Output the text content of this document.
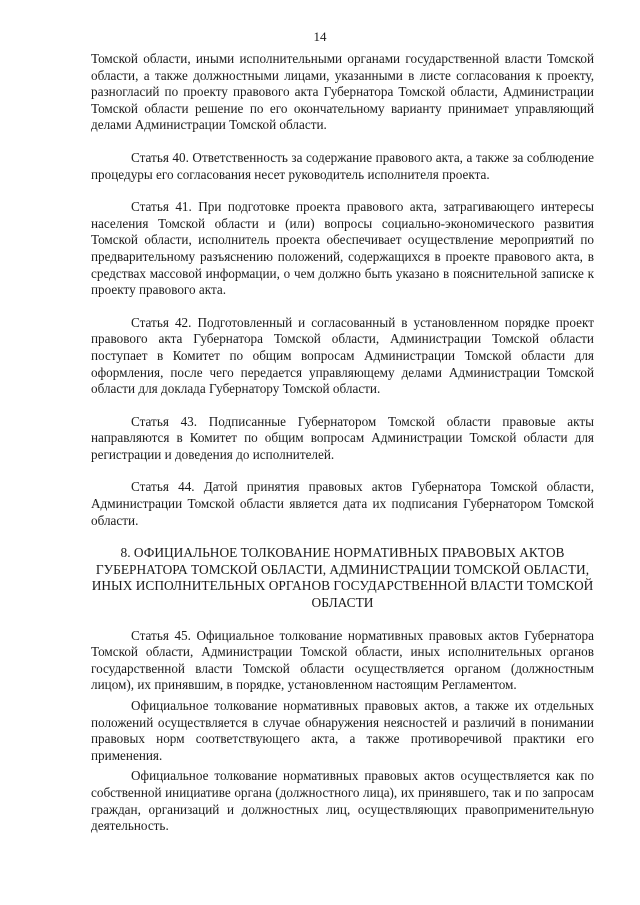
14

Томской области, иными исполнительными органами государственной власти Томской области, а также должностными лицами, указанными в листе согласования к проекту, разногласий по проекту правового акта Губернатора Томской области, Администрации Томской области решение по его окончательному варианту принимает управляющий делами Администрации Томской области.

Статья 40. Ответственность за содержание правового акта, а также за соблюдение процедуры его согласования несет руководитель исполнителя проекта.

Статья 41. При подготовке проекта правового акта, затрагивающего интересы населения Томской области и (или) вопросы социально-экономического развития Томской области, исполнитель проекта обеспечивает осуществление мероприятий по предварительному разъяснению положений, содержащихся в проекте правового акта, в средствах массовой информации, о чем должно быть указано в пояснительной записке к проекту правового акта.

Статья 42. Подготовленный и согласованный в установленном порядке проект правового акта Губернатора Томской области, Администрации Томской области поступает в Комитет по общим вопросам Администрации Томской области для оформления, после чего передается управляющему делами Администрации Томской области для доклада Губернатору Томской области.

Статья 43. Подписанные Губернатором Томской области правовые акты направляются в Комитет по общим вопросам Администрации Томской области для регистрации и доведения до исполнителей.

Статья 44. Датой принятия правовых актов Губернатора Томской области, Администрации Томской области является дата их подписания Губернатором Томской области.

8. ОФИЦИАЛЬНОЕ ТОЛКОВАНИЕ НОРМАТИВНЫХ ПРАВОВЫХ АКТОВ ГУБЕРНАТОРА ТОМСКОЙ ОБЛАСТИ, АДМИНИСТРАЦИИ ТОМСКОЙ ОБЛАСТИ, ИНЫХ ИСПОЛНИТЕЛЬНЫХ ОРГАНОВ ГОСУДАРСТВЕННОЙ ВЛАСТИ ТОМСКОЙ ОБЛАСТИ

Статья 45. Официальное толкование нормативных правовых актов Губернатора Томской области, Администрации Томской области, иных исполнительных органов государственной власти Томской области осуществляется органом (должностным лицом), их принявшим, в порядке, установленном настоящим Регламентом.

Официальное толкование нормативных правовых актов, а также их отдельных положений осуществляется в случае обнаружения неясностей и различий в понимании правовых норм соответствующего акта, а также противоречивой практики его применения.

Официальное толкование нормативных правовых актов осуществляется как по собственной инициативе органа (должностного лица), их принявшего, так и по запросам граждан, организаций и должностных лиц, осуществляющих правоприменительную деятельность.
